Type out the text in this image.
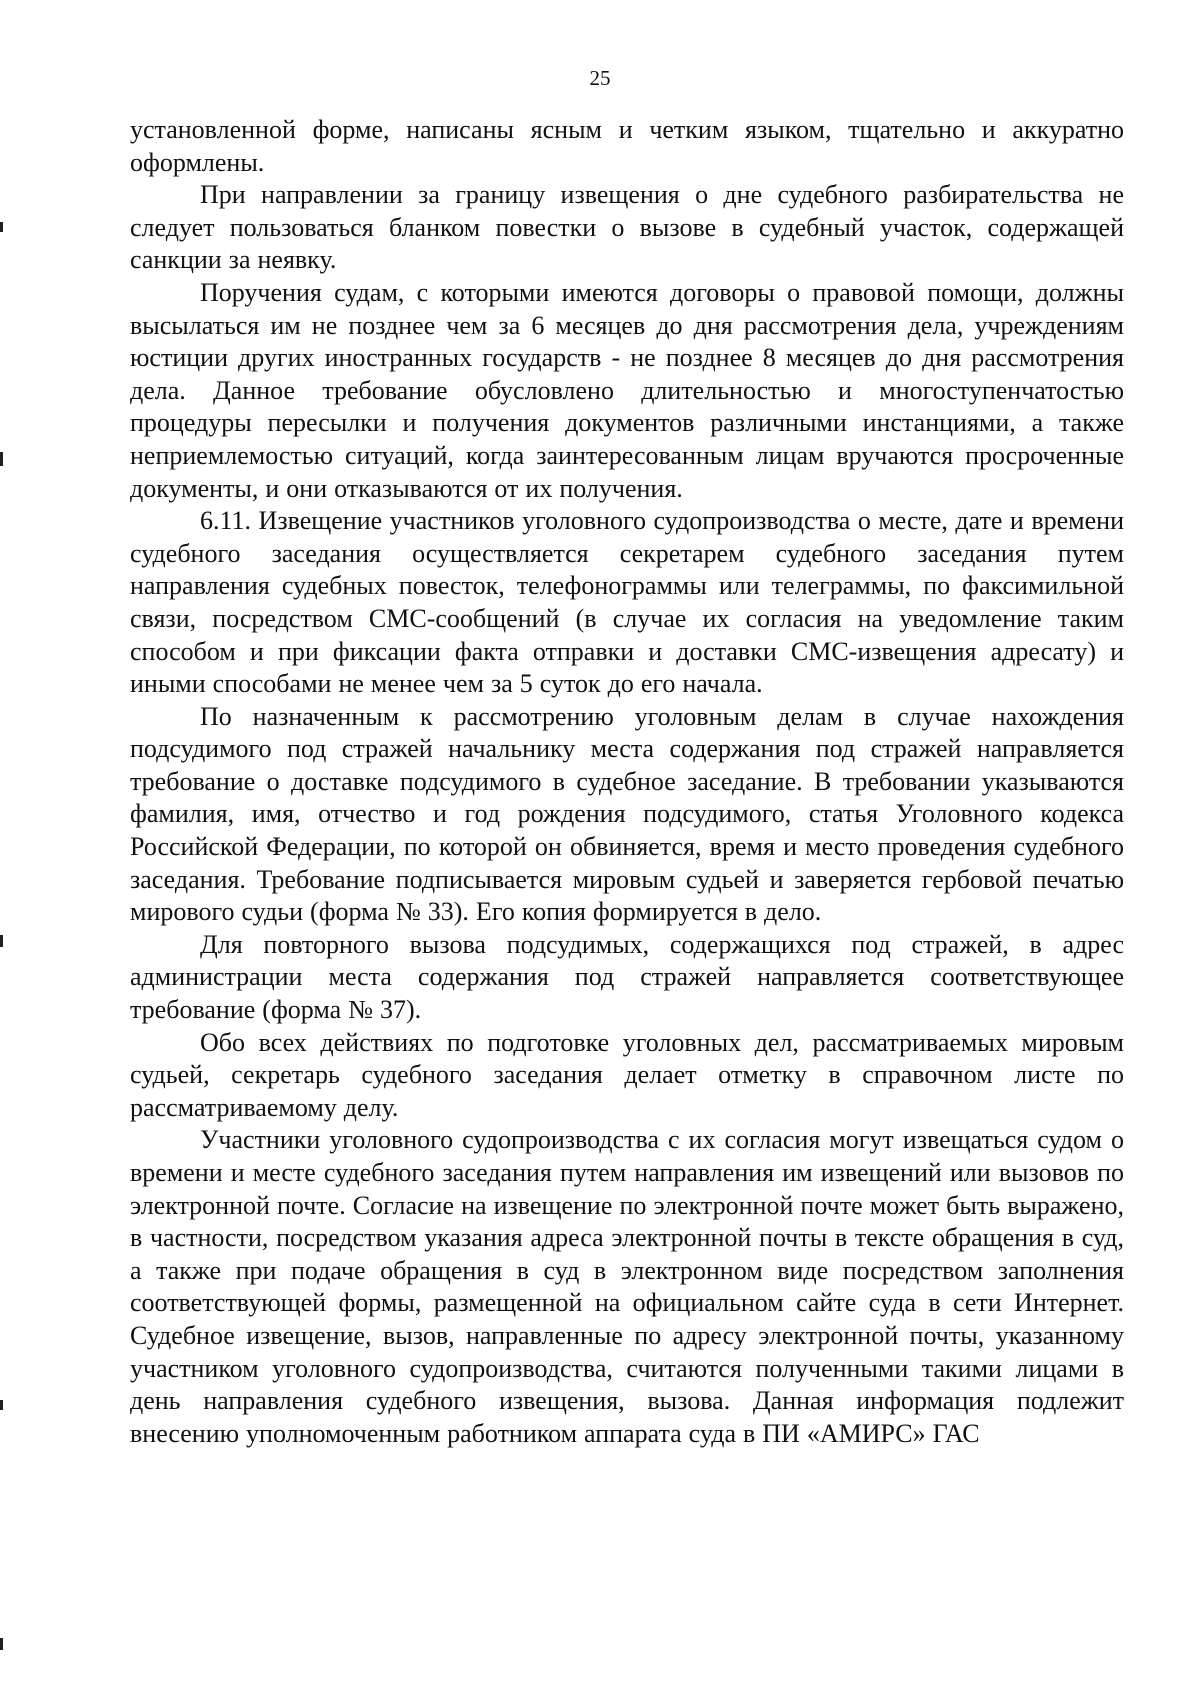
25

установленной форме, написаны ясным и четким языком, тщательно и аккуратно оформлены.

При направлении за границу извещения о дне судебного разбирательства не следует пользоваться бланком повестки о вызове в судебный участок, содержащей санкции за неявку.

Поручения судам, с которыми имеются договоры о правовой помощи, должны высылаться им не позднее чем за 6 месяцев до дня рассмотрения дела, учреждениям юстиции других иностранных государств - не позднее 8 месяцев до дня рассмотрения дела. Данное требование обусловлено длительностью и многоступенчатостью процедуры пересылки и получения документов различными инстанциями, а также неприемлемостью ситуаций, когда заинтересованным лицам вручаются просроченные документы, и они отказываются от их получения.

6.11. Извещение участников уголовного судопроизводства о месте, дате и времени судебного заседания осуществляется секретарем судебного заседания путем направления судебных повесток, телефонограммы или телеграммы, по факсимильной связи, посредством СМС-сообщений (в случае их согласия на уведомление таким способом и при фиксации факта отправки и доставки СМС-извещения адресату) и иными способами не менее чем за 5 суток до его начала.

По назначенным к рассмотрению уголовным делам в случае нахождения подсудимого под стражей начальнику места содержания под стражей направляется требование о доставке подсудимого в судебное заседание. В требовании указываются фамилия, имя, отчество и год рождения подсудимого, статья Уголовного кодекса Российской Федерации, по которой он обвиняется, время и место проведения судебного заседания. Требование подписывается мировым судьей и заверяется гербовой печатью мирового судьи (форма № 33). Его копия формируется в дело.

Для повторного вызова подсудимых, содержащихся под стражей, в адрес администрации места содержания под стражей направляется соответствующее требование (форма № 37).

Обо всех действиях по подготовке уголовных дел, рассматриваемых мировым судьей, секретарь судебного заседания делает отметку в справочном листе по рассматриваемому делу.

Участники уголовного судопроизводства с их согласия могут извещаться судом о времени и месте судебного заседания путем направления им извещений или вызовов по электронной почте. Согласие на извещение по электронной почте может быть выражено, в частности, посредством указания адреса электронной почты в тексте обращения в суд, а также при подаче обращения в суд в электронном виде посредством заполнения соответствующей формы, размещенной на официальном сайте суда в сети Интернет. Судебное извещение, вызов, направленные по адресу электронной почты, указанному участником уголовного судопроизводства, считаются полученными такими лицами в день направления судебного извещения, вызова. Данная информация подлежит внесению уполномоченным работником аппарата суда в ПИ «АМИРС» ГАС
